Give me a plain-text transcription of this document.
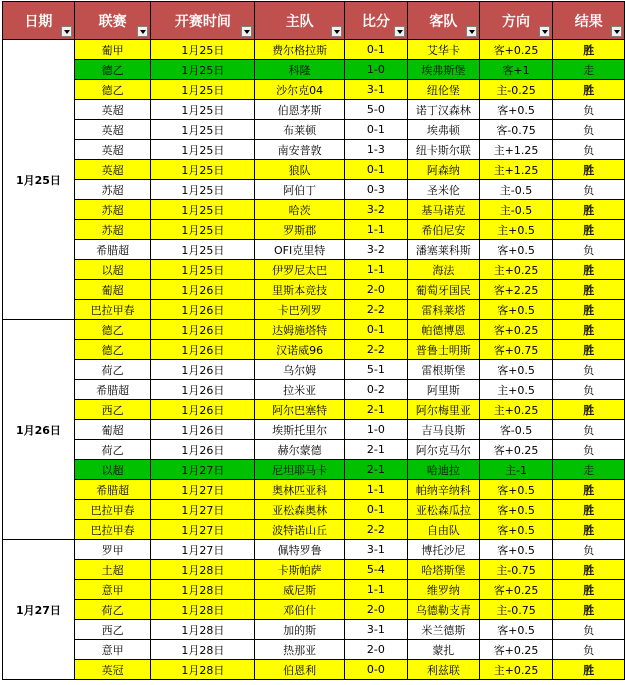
日期	联赛	开赛时间	主队	比分	客队	方向	结果

1月25日	葡甲	1月25日	费尔格拉斯	0-1	艾华卡	客+0.25	胜
	德乙	1月25日	科隆	1-0	埃弗斯堡	客+1	走
	德乙	1月25日	沙尔克04	3-1	纽伦堡	主-0.25	胜
	英超	1月25日	伯恩茅斯	5-0	诺丁汉森林	客+0.5	负
	英超	1月25日	布莱顿	0-1	埃弗顿	客-0.75	负
	英超	1月25日	南安普敦	1-3	纽卡斯尔联	主+1.25	负
	英超	1月25日	狼队	0-1	阿森纳	主+1.25	胜
	苏超	1月25日	阿伯丁	0-3	圣米伦	主-0.5	负
	苏超	1月25日	哈茨	3-2	基马诺克	主-0.5	胜
	苏超	1月25日	罗斯郡	1-1	希伯尼安	主+0.5	胜
	希腊超	1月25日	OFI克里特	3-2	潘塞莱科斯	客+0.5	负
	以超	1月25日	伊罗尼太巴	1-1	海法	主+0.25	胜
	葡超	1月26日	里斯本竞技	2-0	葡萄牙国民	客+2.25	胜
	巴拉甲春	1月26日	卡巴列罗	2-2	雷科莱塔	客+0.5	胜
1月26日	德乙	1月26日	达姆施塔特	0-1	帕德博恩	客+0.25	胜
	德乙	1月26日	汉诺威96	2-2	普鲁士明斯	客+0.75	胜
	荷乙	1月26日	乌尔姆	5-1	雷根斯堡	客+0.5	负
	希腊超	1月26日	拉米亚	0-2	阿里斯	主+0.5	负
	西乙	1月26日	阿尔巴塞特	2-1	阿尔梅里亚	主+0.25	胜
	葡超	1月26日	埃斯托里尔	1-0	吉马良斯	客-0.5	负
	荷乙	1月26日	赫尔蒙德	2-1	阿尔克马尔	客+0.25	负
	以超	1月27日	尼坦耶马卡	2-1	哈迪拉	主-1	走
	希腊超	1月27日	奥林匹亚科	1-1	帕纳辛纳科	客+0.5	胜
	巴拉甲春	1月27日	亚松森奥林	0-1	亚松森瓜拉	客+0.5	胜
	巴拉甲春	1月27日	波特诺山丘	2-2	自由队	客+0.5	胜
1月27日	罗甲	1月27日	佩特罗鲁	3-1	博托沙尼	客+0.5	负
	土超	1月28日	卡斯帕萨	5-4	哈塔斯堡	主-0.75	胜
	意甲	1月28日	威尼斯	1-1	维罗纳	客+0.25	胜
	荷乙	1月28日	邓伯什	2-0	乌德勒支青	主-0.75	胜
	西乙	1月28日	加的斯	3-1	米兰德斯	客+0.5	负
	意甲	1月28日	热那亚	2-0	蒙扎	客+0.25	负
	英冠	1月28日	伯恩利	0-0	利兹联	主+0.25	胜
